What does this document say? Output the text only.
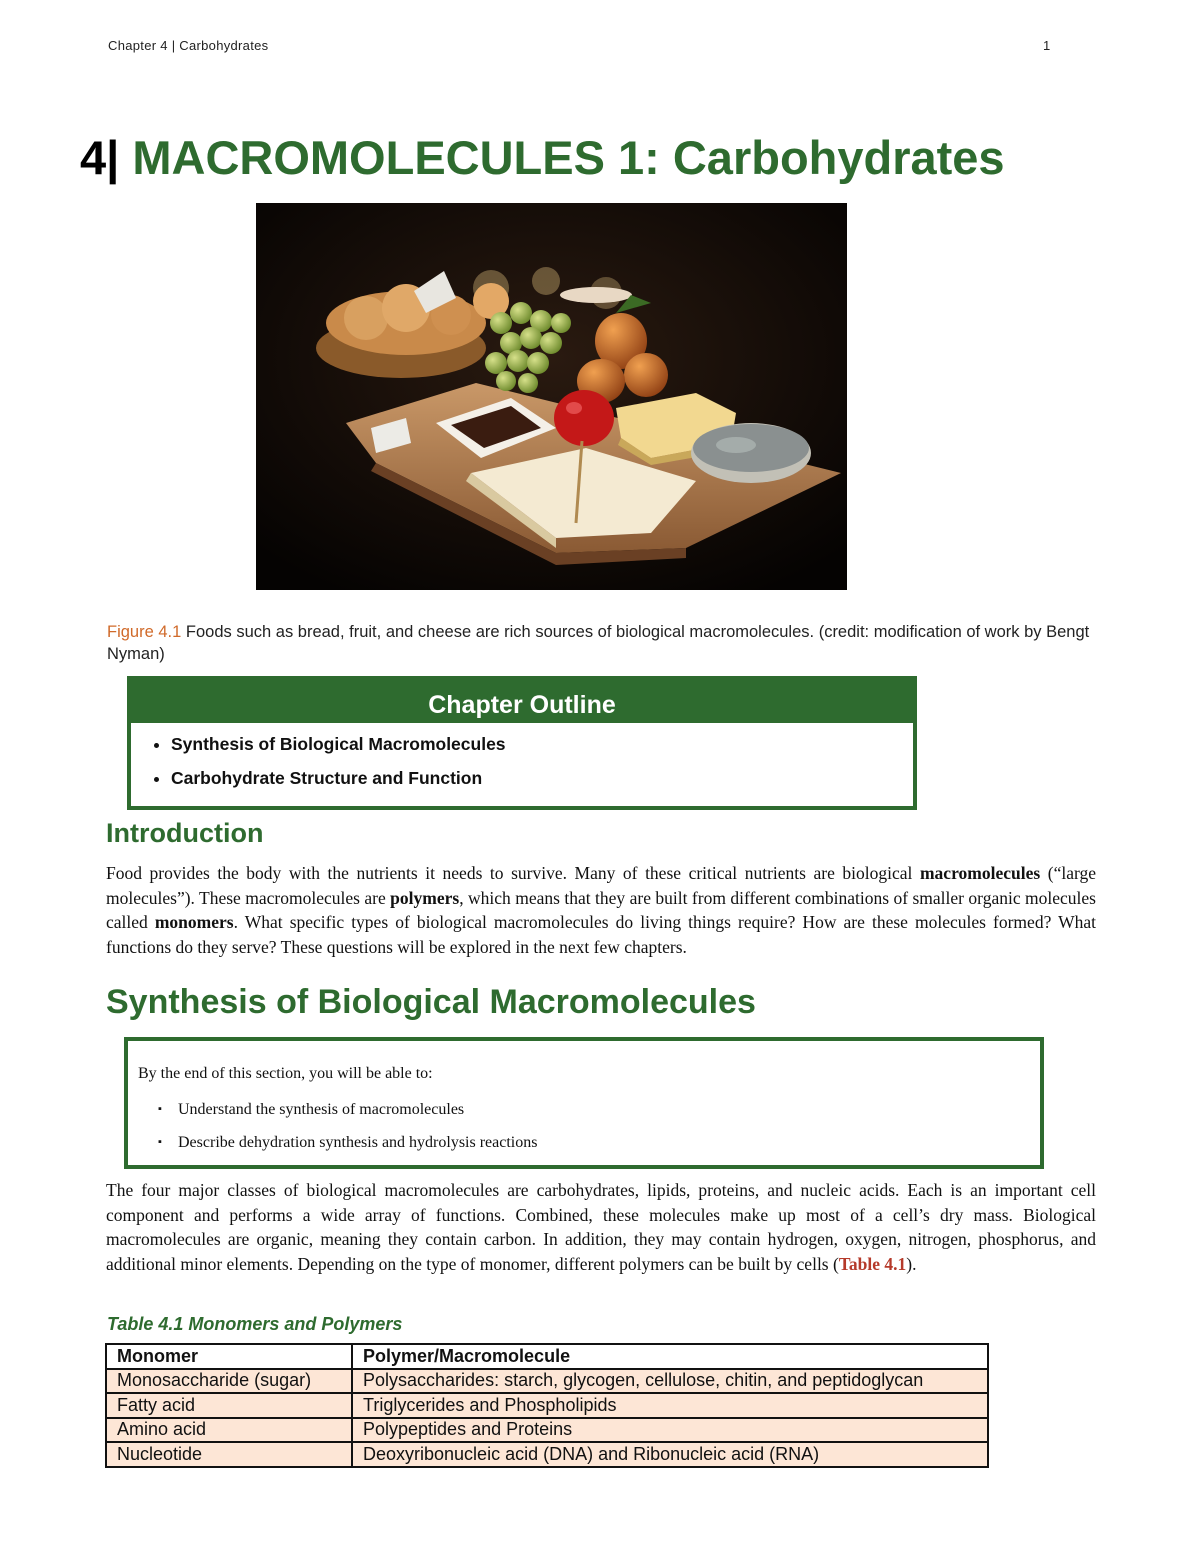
Chapter 4 | Carbohydrates	1
4| MACROMOLECULES 1: Carbohydrates
Figure 4.1 Foods such as bread, fruit, and cheese are rich sources of biological macromolecules. (credit: modification of work by Bengt Nyman)
Chapter Outline
• Synthesis of Biological Macromolecules
• Carbohydrate Structure and Function
Introduction
Food provides the body with the nutrients it needs to survive. Many of these critical nutrients are biological macromolecules (“large molecules”). These macromolecules are polymers, which means that they are built from different combinations of smaller organic molecules called monomers. What specific types of biological macromolecules do living things require? How are these molecules formed? What functions do they serve? These questions will be explored in the next few chapters.
Synthesis of Biological Macromolecules
By the end of this section, you will be able to:
▪ Understand the synthesis of macromolecules
▪ Describe dehydration synthesis and hydrolysis reactions
The four major classes of biological macromolecules are carbohydrates, lipids, proteins, and nucleic acids. Each is an important cell component and performs a wide array of functions. Combined, these molecules make up most of a cell’s dry mass. Biological macromolecules are organic, meaning they contain carbon. In addition, they may contain hydrogen, oxygen, nitrogen, phosphorus, and additional minor elements. Depending on the type of monomer, different polymers can be built by cells (Table 4.1).
Table 4.1 Monomers and Polymers
Monomer	Polymer/Macromolecule
Monosaccharide (sugar)	Polysaccharides: starch, glycogen, cellulose, chitin, and peptidoglycan
Fatty acid	Triglycerides and Phospholipids
Amino acid	Polypeptides and Proteins
Nucleotide	Deoxyribonucleic acid (DNA) and Ribonucleic acid (RNA)
